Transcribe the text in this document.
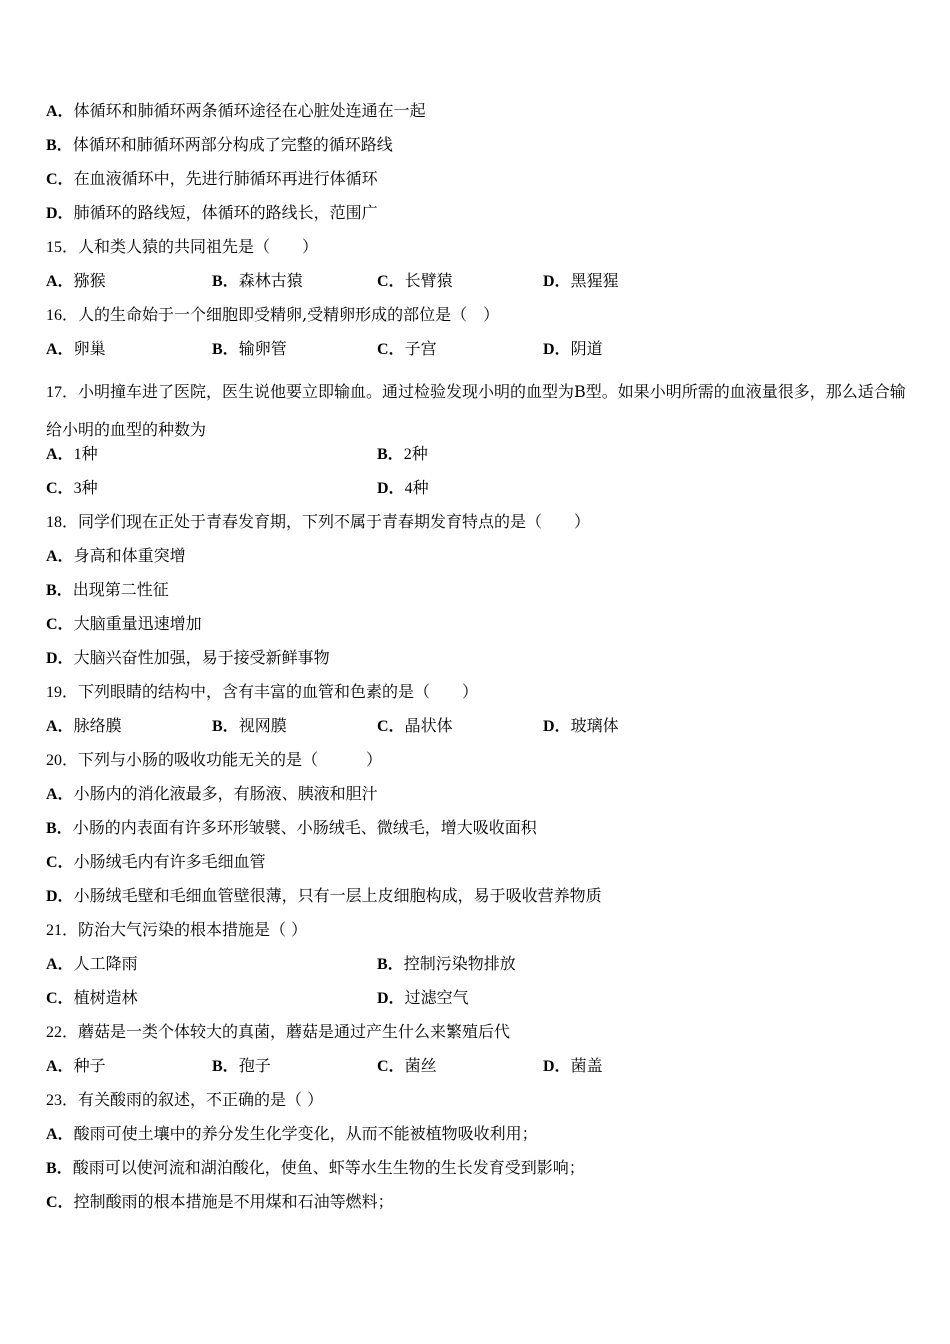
A．体循环和肺循环两条循环途径在心脏处连通在一起
B．体循环和肺循环两部分构成了完整的循环路线
C．在血液循环中，先进行肺循环再进行体循环
D．肺循环的路线短，体循环的路线长，范围广
15．人和类人猿的共同祖先是（　　）
A．猕猴	B．森林古猿	C．长臂猿	D．黑猩猩
16．人的生命始于一个细胞即受精卵,受精卵形成的部位是（　）
A．卵巢	B．输卵管	C．子宫	D．阴道
17．小明撞车进了医院，医生说他要立即输血。通过检验发现小明的血型为B型。如果小明所需的血液量很多，那么适合输给小明的血型的种数为
A．1种	B．2种
C．3种	D．4种
18．同学们现在正处于青春发育期，下列不属于青春期发育特点的是（　　）
A．身高和体重突增
B．出现第二性征
C．大脑重量迅速增加
D．大脑兴奋性加强，易于接受新鲜事物
19．下列眼睛的结构中，含有丰富的血管和色素的是（　　）
A．脉络膜	B．视网膜	C．晶状体	D．玻璃体
20．下列与小肠的吸收功能无关的是（　　　）
A．小肠内的消化液最多，有肠液、胰液和胆汁
B．小肠的内表面有许多环形皱襞、小肠绒毛、微绒毛，增大吸收面积
C．小肠绒毛内有许多毛细血管
D．小肠绒毛壁和毛细血管壁很薄，只有一层上皮细胞构成，易于吸收营养物质
21．防治大气污染的根本措施是（ ）
A．人工降雨	B．控制污染物排放
C．植树造林	D．过滤空气
22．蘑菇是一类个体较大的真菌，蘑菇是通过产生什么来繁殖后代
A．种子	B．孢子	C．菌丝	D．菌盖
23．有关酸雨的叙述，不正确的是（ ）
A．酸雨可使土壤中的养分发生化学变化，从而不能被植物吸收利用；
B．酸雨可以使河流和湖泊酸化，使鱼、虾等水生生物的生长发育受到影响；
C．控制酸雨的根本措施是不用煤和石油等燃料；
